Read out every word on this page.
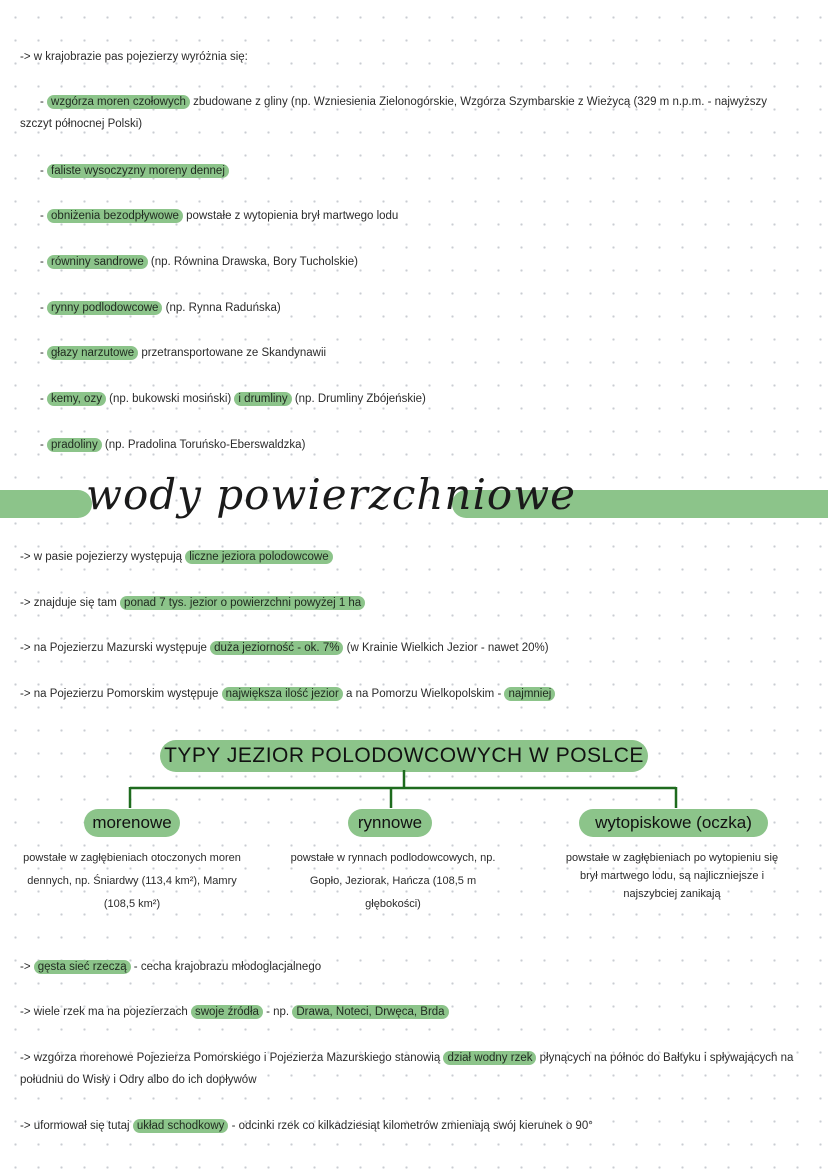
-> w krajobrazie pas pojezierzy wyróżnia się:
- wzgórza moren czołowych zbudowane z gliny (np. Wzniesienia Zielonogórskie, Wzgórza Szymbarskie z Wieżycą (329 m n.p.m. - najwyższy szczyt północnej Polski)
- faliste wysoczyzny moreny dennej
- obniżenia bezodpływowe powstałe z wytopienia brył martwego lodu
- równiny sandrowe (np. Równina Drawska, Bory Tucholskie)
- rynny podlodowcowe (np. Rynna Raduńska)
- głazy narzutowe przetransportowane ze Skandynawii
- kemy, ozy (np. bukowski mosiński) i drumliny (np. Drumliny Zbójeńskie)
- pradoliny (np. Pradolina Toruńsko-Eberswaldzka)
wody powierzchniowe
-> w pasie pojezierzy występują liczne jeziora polodowcowe
-> znajduje się tam ponad 7 tys. jezior o powierzchni powyżej 1 ha
-> na Pojezierzu Mazurski występuje duża jeziorność - ok. 7% (w Krainie Wielkich Jezior - nawet 20%)
-> na Pojezierzu Pomorskim występuje największa ilość jezior a na Pomorzu Wielkopolskim - najmniej
TYPY JEZIOR POLODOWCOWYCH W POSLCE
morenowe	rynnowe	wytopiskowe (oczka)
powstałe w zagłębieniach otoczonych moren dennych, np. Śniardwy (113,4 km²), Mamry (108,5 km²)
powstałe w rynnach podlodowcowych, np. Gopło, Jeziorak, Hańcza (108,5 m głębokości)
powstałe w zagłębieniach po wytopieniu się brył martwego lodu, są najliczniejsze i najszybciej zanikają
-> gęsta sieć rzeczą - cecha krajobrazu młodoglacjalnego
-> wiele rzek ma na pojezierzach swoje źródła - np. Drawa, Noteci, Drwęca, Brda
-> wzgórza morenowe Pojezierza Pomorskiego i Pojezierza Mazurskiego stanowią dział wodny rzek płynących na północ do Bałtyku i spływających na południu do Wisły i Odry albo do ich dopływów
-> uformował się tutaj układ schodkowy - odcinki rzek co kilkadziesiąt kilometrów zmieniają swój kierunek o 90°
